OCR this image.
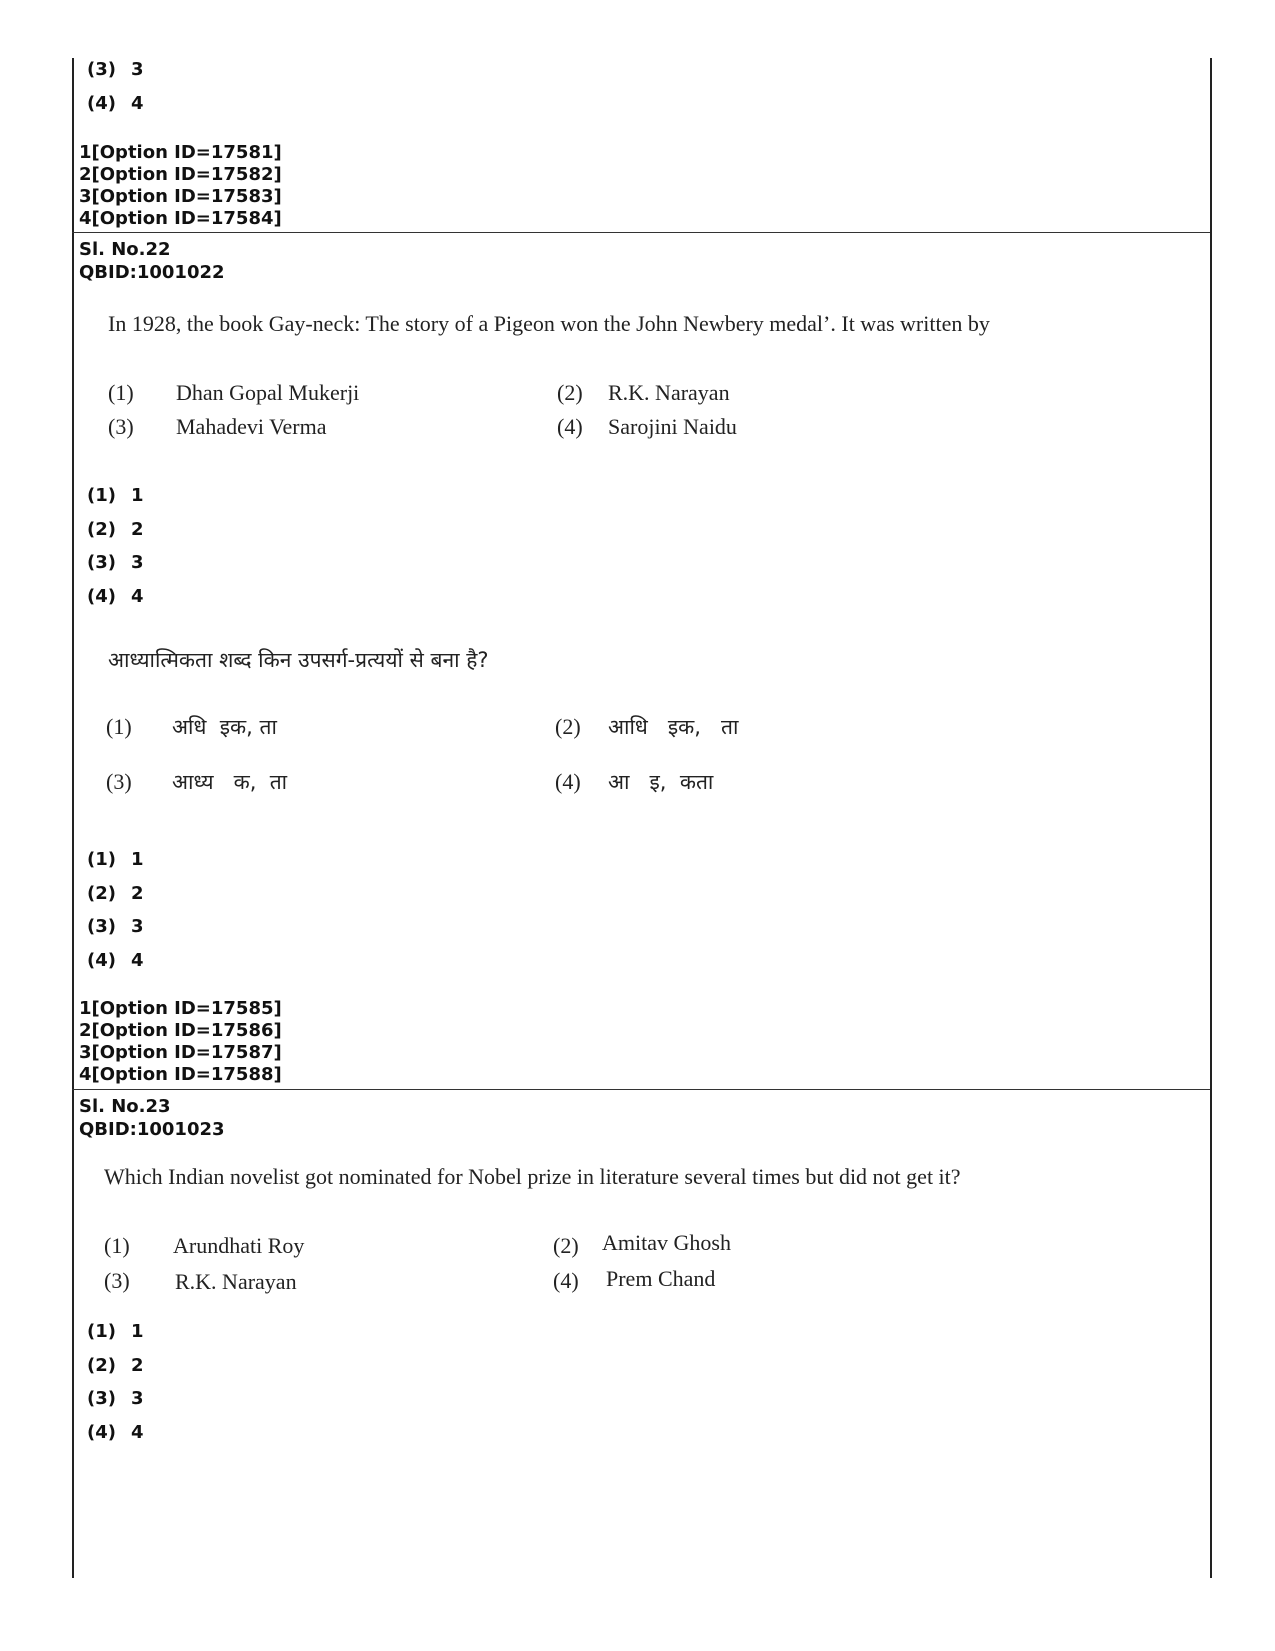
(3) 3
(4) 4
1[Option ID=17581]
2[Option ID=17582]
3[Option ID=17583]
4[Option ID=17584]
Sl. No.22
QBID:1001022
In 1928, the book Gay-neck: The story of a Pigeon won the John Newbery medal’. It was written by
(1) Dhan Gopal Mukerji	(2) R.K. Narayan
(3) Mahadevi Verma	(4) Sarojini Naidu
(1) 1
(2) 2
(3) 3
(4) 4
आध्यात्मिकता शब्द किन उपसर्ग-प्रत्ययों से बना है?
(1) अधि  इक, ता	(2) आधि   इक,   ता
(3) आध्य   क,  ता	(4) आ   इ,  कता
(1) 1
(2) 2
(3) 3
(4) 4
1[Option ID=17585]
2[Option ID=17586]
3[Option ID=17587]
4[Option ID=17588]
Sl. No.23
QBID:1001023
Which Indian novelist got nominated for Nobel prize in literature several times but did not get it?
(1) Arundhati Roy	(2) Amitav Ghosh
(3) R.K. Narayan	(4) Prem Chand
(1) 1
(2) 2
(3) 3
(4) 4
